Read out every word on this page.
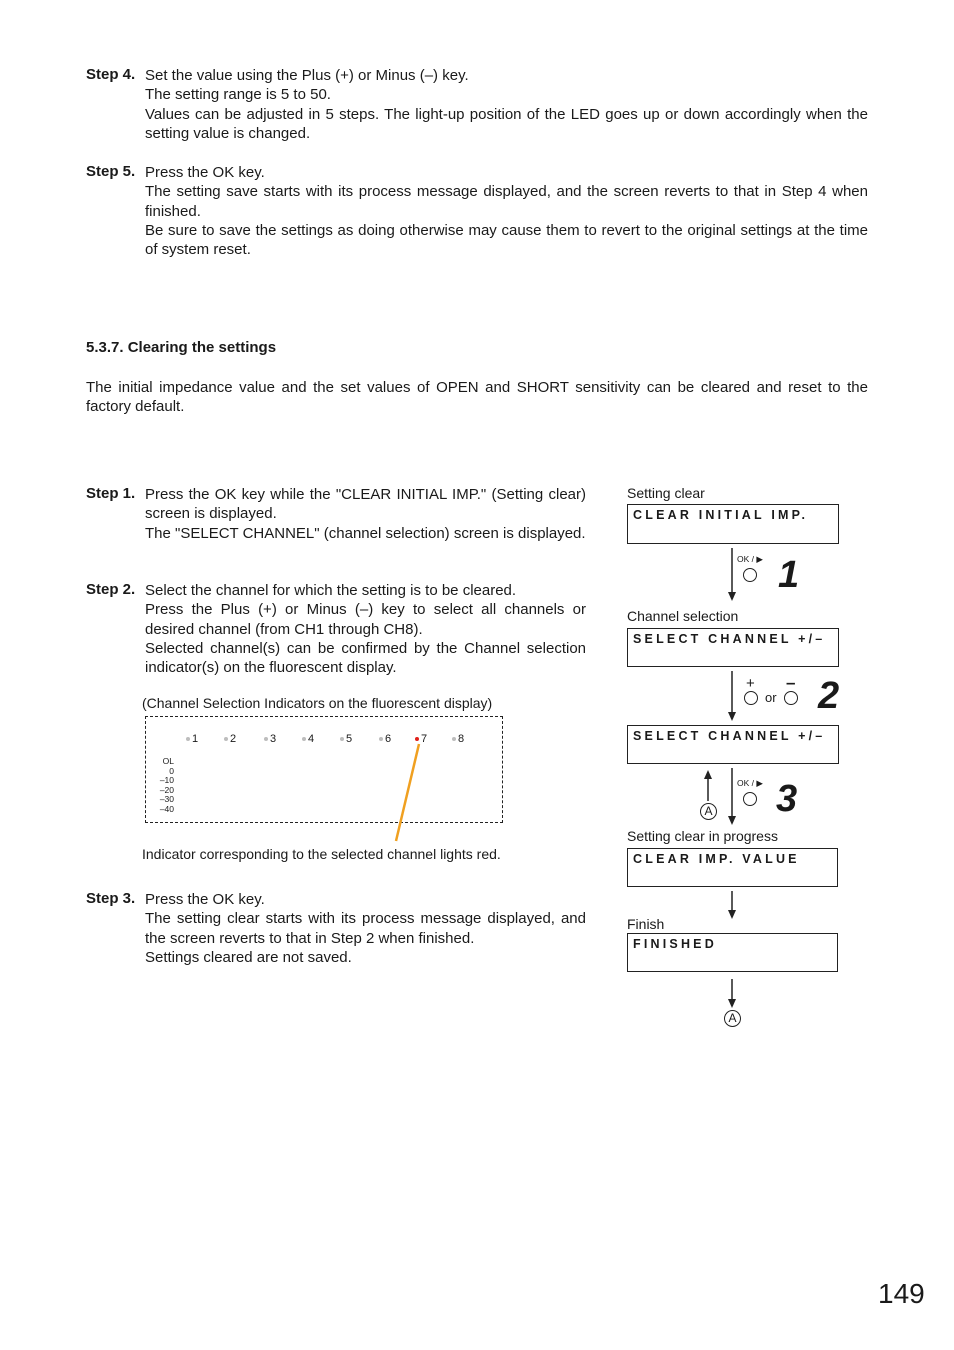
Step 4. Set the value using the Plus (+) or Minus (–) key.
The setting range is 5 to 50.
Values can be adjusted in 5 steps. The light-up position of the LED goes up or down accordingly when the setting value is changed.
Step 5. Press the OK key.
The setting save starts with its process message displayed, and the screen reverts to that in Step 4 when finished.
Be sure to save the settings as doing otherwise may cause them to revert to the original settings at the time of system reset.
5.3.7. Clearing the settings
The initial impedance value and the set values of OPEN and SHORT sensitivity can be cleared and reset to the factory default.
Step 1. Press the OK key while the "CLEAR INITIAL IMP." (Setting clear) screen is displayed.
The "SELECT CHANNEL" (channel selection) screen is displayed.
Step 2. Select the channel for which the setting is to be cleared.
Press the Plus (+) or Minus (–) key to select all channels or desired channel (from CH1 through CH8).
Selected channel(s) can be confirmed by the Channel selection indicator(s) on the fluorescent display.
(Channel Selection Indicators on the fluorescent display)
1	2	3	4	5	6	7	8
OL
0
–10
–20
–30
–40
Indicator corresponding to the selected channel lights red.
Step 3. Press the OK key.
The setting clear starts with its process message displayed, and the screen reverts to that in Step 2 when finished.
Settings cleared are not saved.
Setting clear
CLEAR INITIAL IMP.
OK / ▶ 1
Channel selection
SELECT CHANNEL +/–
+ –
or 2
SELECT CHANNEL +/–
OK / ▶ 3
A
Setting clear in progress
CLEAR IMP. VALUE
Finish
FINISHED
A
149
